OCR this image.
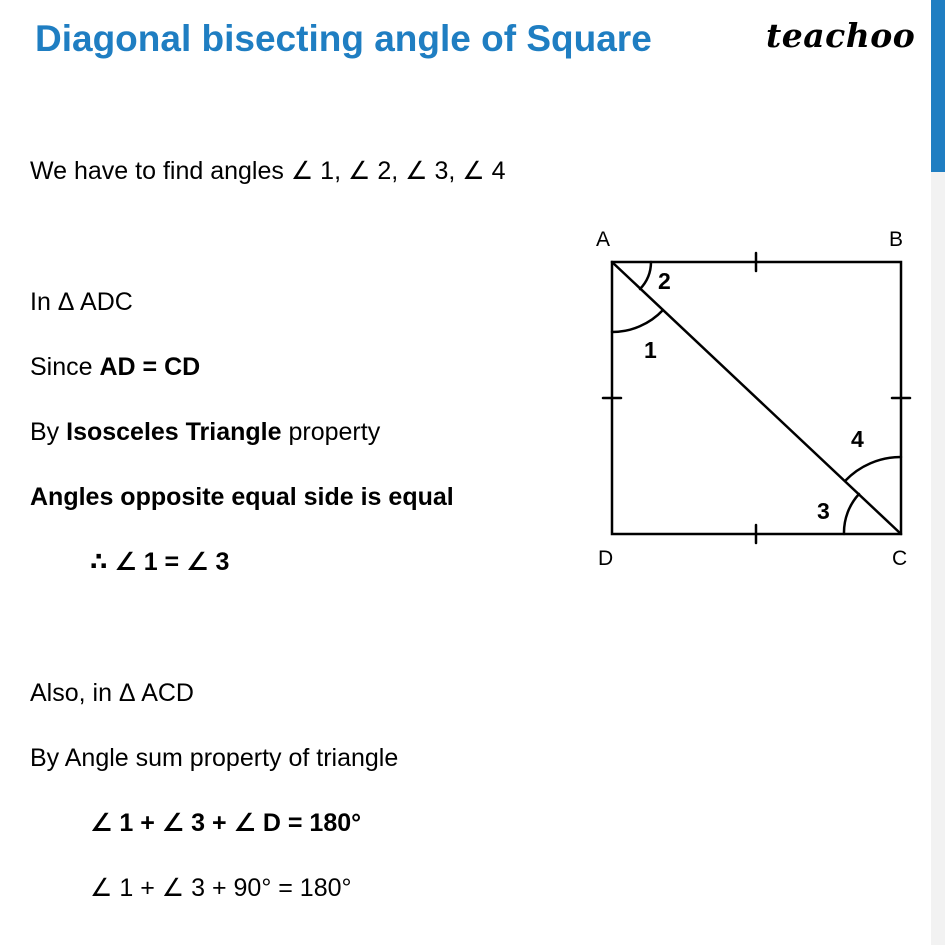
Diagonal bisecting angle of Square	teachoo
We have to find angles ∠ 1, ∠ 2, ∠ 3, ∠ 4
In Δ ADC
Since AD = CD
By Isosceles Triangle property
Angles opposite equal side is equal
∴ ∠ 1 = ∠ 3
Also, in Δ ACD
By Angle sum property of triangle
∠ 1 + ∠ 3 + ∠ D = 180°
∠ 1 + ∠ 3 + 90° = 180°
A	B
D	C
2
1
4
3
